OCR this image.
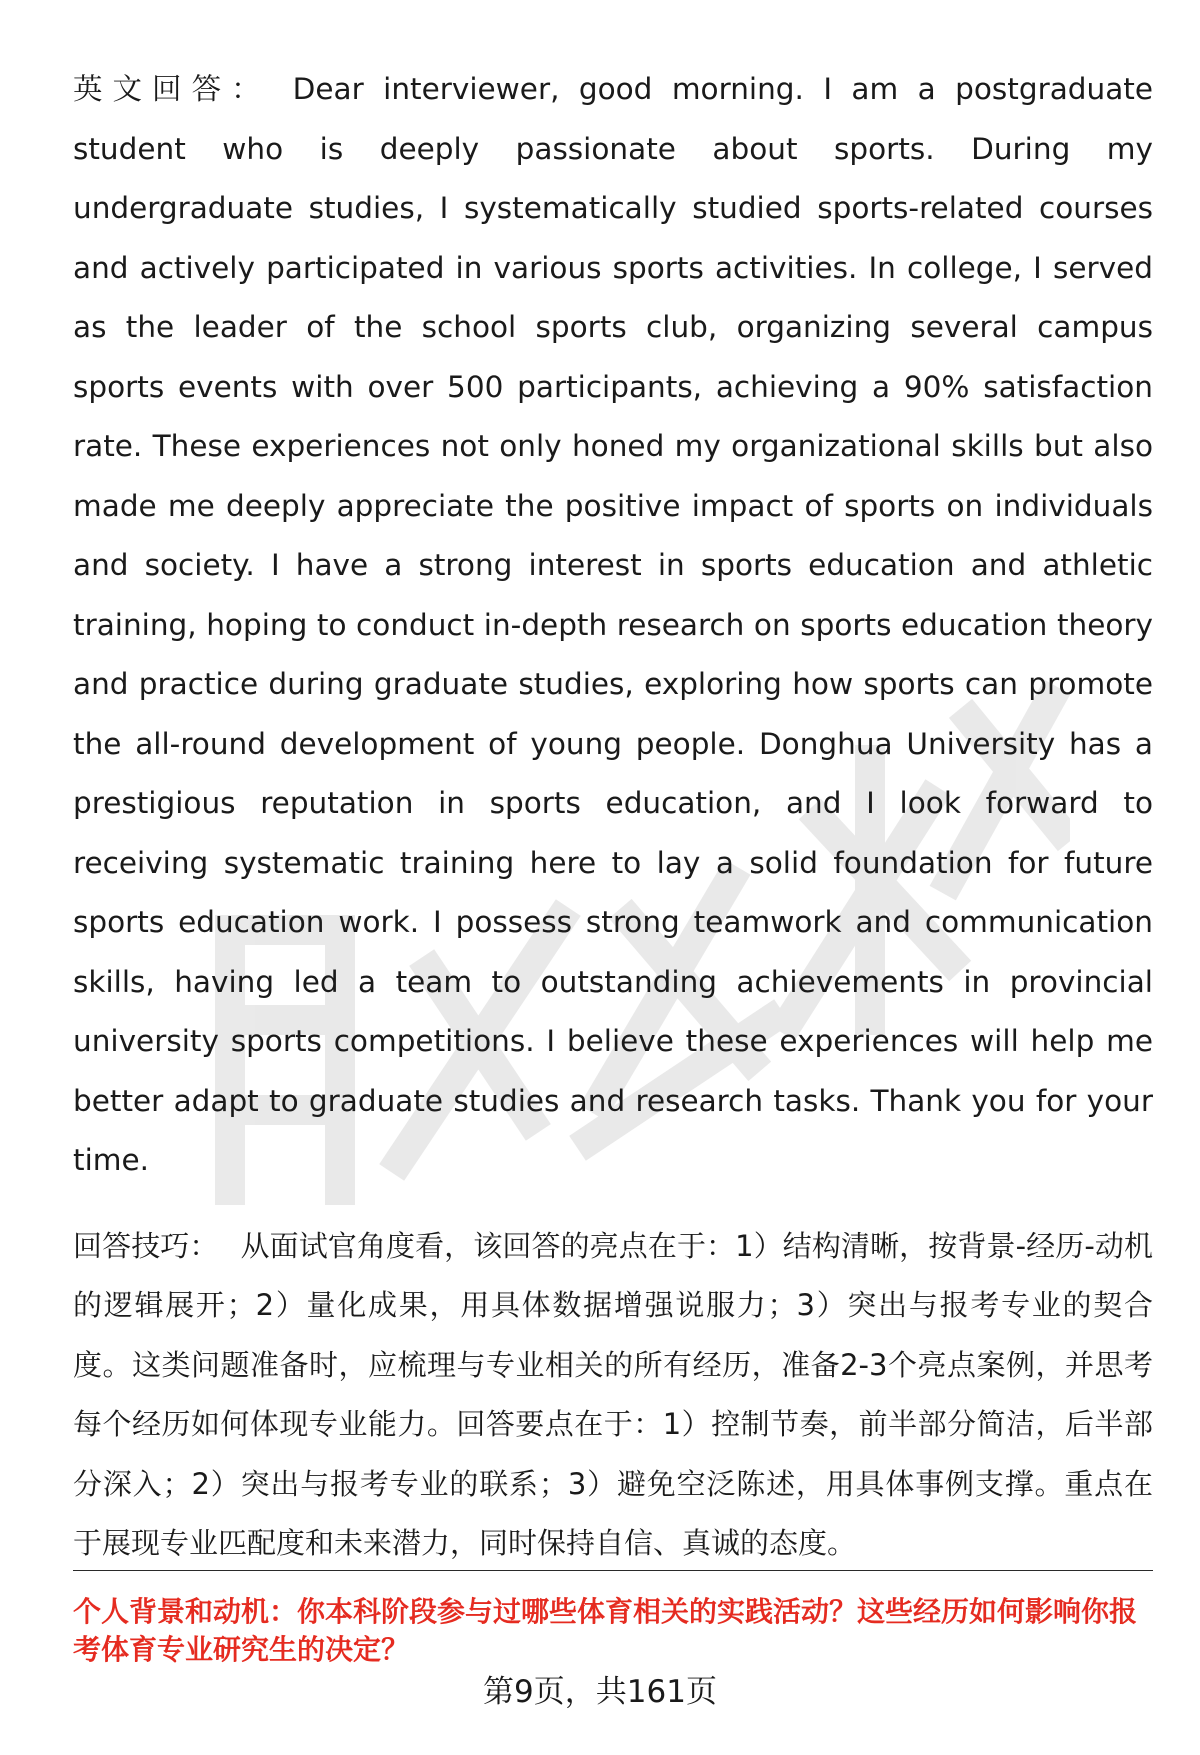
英文回答： Dear interviewer, good morning. I am a postgraduate student who is deeply passionate about sports. During my undergraduate studies, I systematically studied sports-related courses and actively participated in various sports activities. In college, I served as the leader of the school sports club, organizing several campus sports events with over 500 participants, achieving a 90% satisfaction rate. These experiences not only honed my organizational skills but also made me deeply appreciate the positive impact of sports on individuals and society. I have a strong interest in sports education and athletic training, hoping to conduct in-depth research on sports education theory and practice during graduate studies, exploring how sports can promote the all-round development of young people. Donghua University has a prestigious reputation in sports education, and I look forward to receiving systematic training here to lay a solid foundation for future sports education work. I possess strong teamwork and communication skills, having led a team to outstanding achievements in provincial university sports competitions. I believe these experiences will help me better adapt to graduate studies and research tasks. Thank you for your time.

回答技巧： 从面试官角度看，该回答的亮点在于：1）结构清晰，按背景-经历-动机的逻辑展开；2）量化成果，用具体数据增强说服力；3）突出与报考专业的契合度。这类问题准备时，应梳理与专业相关的所有经历，准备2-3个亮点案例，并思考每个经历如何体现专业能力。回答要点在于：1）控制节奏，前半部分简洁，后半部分深入；2）突出与报考专业的联系；3）避免空泛陈述，用具体事例支撑。重点在于展现专业匹配度和未来潜力，同时保持自信、真诚的态度。

个人背景和动机：你本科阶段参与过哪些体育相关的实践活动？这些经历如何影响你报考体育专业研究生的决定？

第9页，共161页
